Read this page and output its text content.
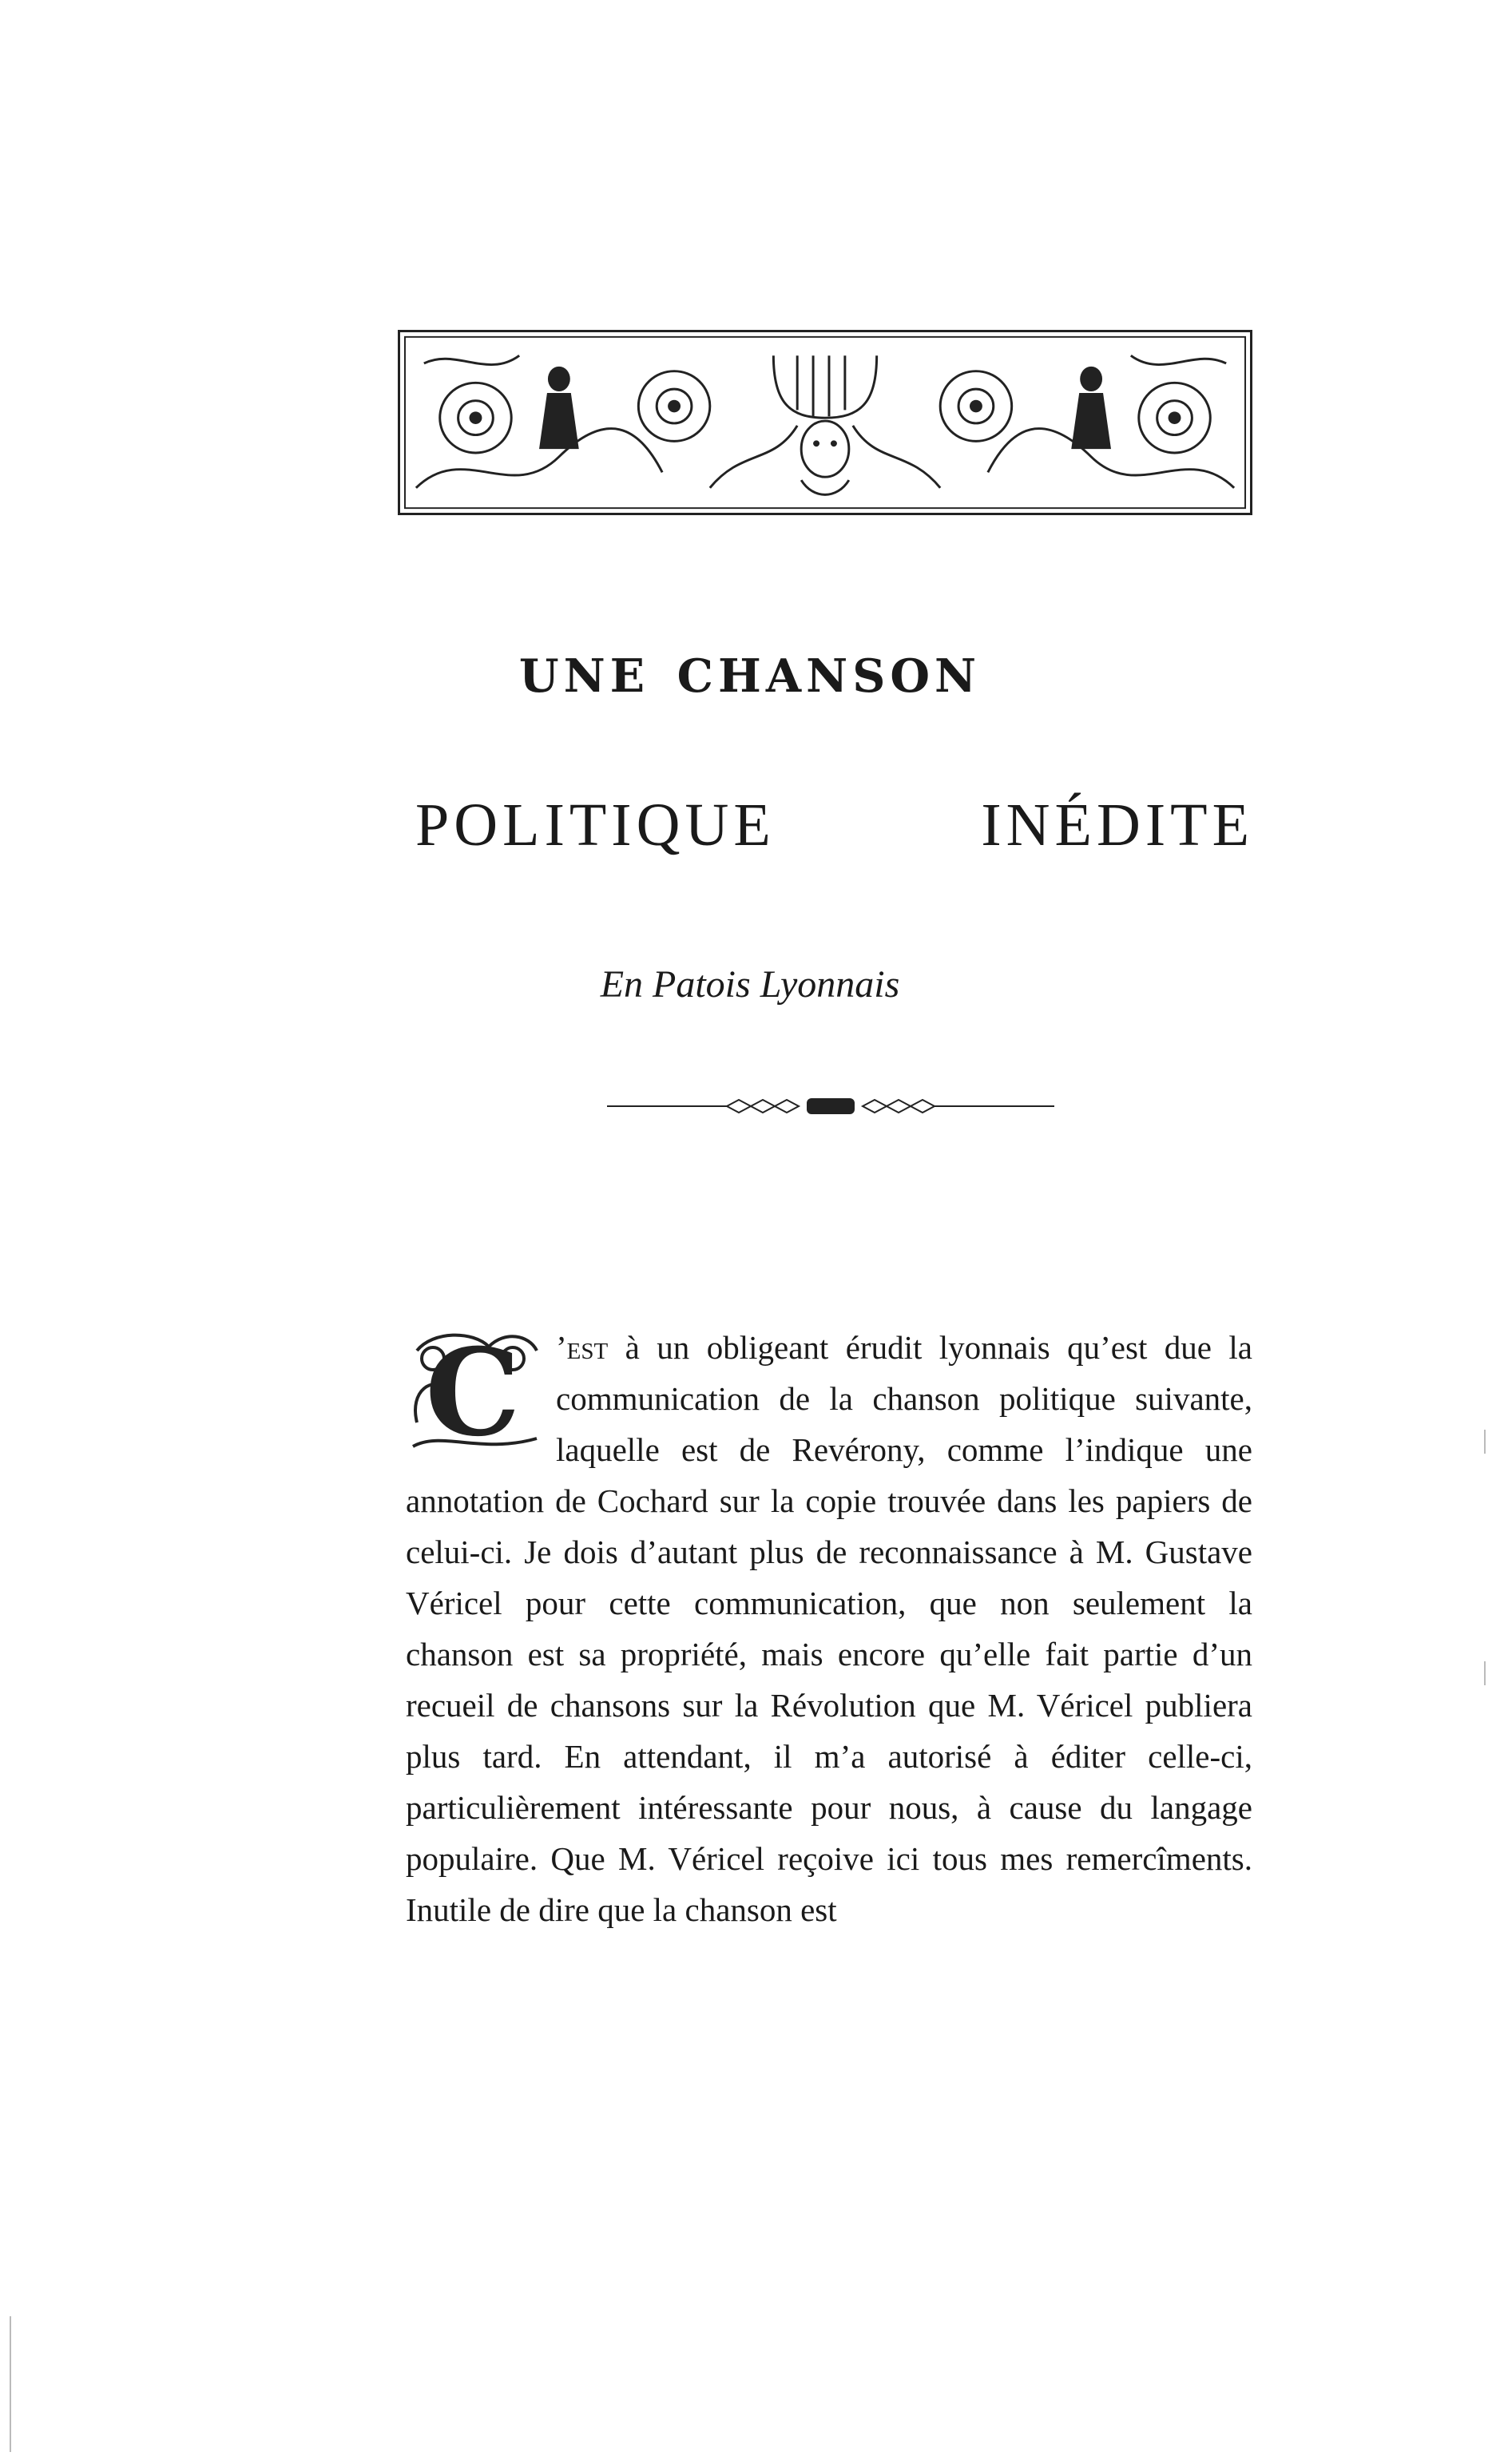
une chanson
POLITIQUE INÉDITE
En Patois Lyonnais
C ’est à un obligeant érudit lyonnais qu’est due la communication de la chanson politique suivante, laquelle est de Revérony, comme l’indique une annotation de Cochard sur la copie trouvée dans les papiers de celui-ci. Je dois d’autant plus de reconnaissance à M. Gustave Véricel pour cette communication, que non seulement la chanson est sa propriété, mais encore qu’elle fait partie d’un recueil de chansons sur la Révolution que M. Véricel publiera plus tard. En attendant, il m’a autorisé à éditer celle-ci, particulièrement intéressante pour nous, à cause du langage populaire. Que M. Véricel reçoive ici tous mes remercîments. Inutile de dire que la chanson est
